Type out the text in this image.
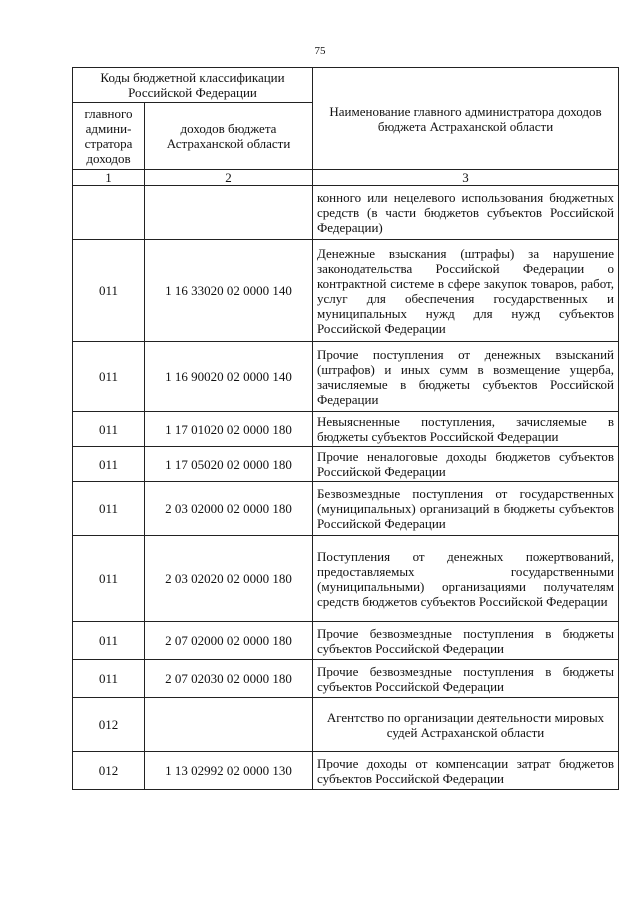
75
Коды бюджетной классификации Российской Федерации		Наименование главного администратора доходов бюджета Астраханской области
главного админи-стратора доходов	доходов бюджета Астраханской области	
1	2	3
		конного или нецелевого использования бюджетных средств (в части бюджетов субъектов Российской Федерации)
011	1 16 33020 02 0000 140	Денежные взыскания (штрафы) за нарушение законодательства Российской Федерации о контрактной системе в сфере закупок товаров, работ, услуг для обеспечения государственных и муниципальных нужд для нужд субъектов Российской Федерации
011	1 16 90020 02 0000 140	Прочие поступления от денежных взысканий (штрафов) и иных сумм в возмещение ущерба, зачисляемые в бюджеты субъектов Российской Федерации
011	1 17 01020 02 0000 180	Невыясненные поступления, зачисляемые в бюджеты субъектов Российской Федерации
011	1 17 05020 02 0000 180	Прочие неналоговые доходы бюджетов субъектов Российской Федерации
011	2 03 02000 02 0000 180	Безвозмездные поступления от государственных (муниципальных) организаций в бюджеты субъектов Российской Федерации
011	2 03 02020 02 0000 180	Поступления от денежных пожертвований, предоставляемых государственными (муниципальными) организациями получателям средств бюджетов субъектов Российской Федерации
011	2 07 02000 02 0000 180	Прочие безвозмездные поступления в бюджеты субъектов Российской Федерации
011	2 07 02030 02 0000 180	Прочие безвозмездные поступления в бюджеты субъектов Российской Федерации
012		Агентство по организации деятельности мировых судей Астраханской области
012	1 13 02992 02 0000 130	Прочие доходы от компенсации затрат бюджетов субъектов Российской Федерации
